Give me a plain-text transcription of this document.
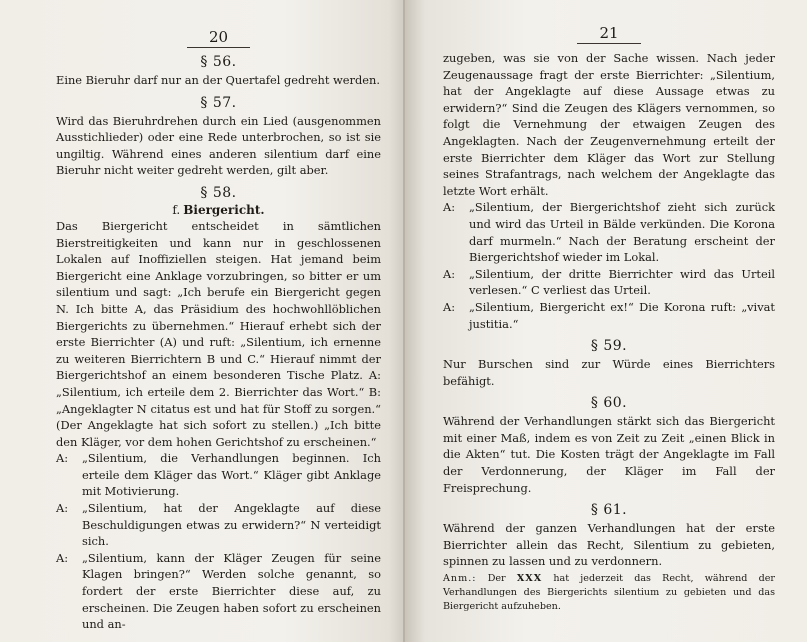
20
§ 56.

Eine Bieruhr darf nur an der Quertafel gedreht werden.

§ 57.

Wird das Bieruhrdrehen durch ein Lied (ausgenommen Ausstichlieder) oder eine Rede unterbrochen, so ist sie ungiltig. Während eines anderen silentium darf eine Bieruhr nicht weiter gedreht werden, gilt aber.

§ 58.
f. Biergericht.

Das Biergericht entscheidet in sämtlichen Bierstreitigkeiten und kann nur in geschlossenen Lokalen auf Inoffiziellen steigen. Hat jemand beim Biergericht eine Anklage vorzubringen, so bitter er um silentium und sagt: „Ich berufe ein Biergericht gegen N. Ich bitte A, das Präsidium des hochwohllöblichen Biergerichts zu übernehmen.“ Hierauf erhebt sich der erste Bierrichter (A) und ruft: „Silentium, ich ernenne zu weiteren Bierrichtern B und C.“ Hierauf nimmt der Biergerichtshof an einem besonderen Tische Platz. A: „Silentium, ich erteile dem 2. Bierrichter das Wort.“ B: „Angeklagter N citatus est und hat für Stoff zu sorgen.“ (Der Angeklagte hat sich sofort zu stellen.) „Ich bitte den Kläger, vor dem hohen Gerichtshof zu erscheinen.“

A:	„Silentium, die Verhandlungen beginnen. Ich erteile dem Kläger das Wort.“ Kläger gibt Anklage mit Motivierung.
A:	„Silentium, hat der Angeklagte auf diese Beschuldigungen etwas zu erwidern?“ N verteidigt sich.
A:	„Silentium, kann der Kläger Zeugen für seine Klagen bringen?“ Werden solche genannt, so fordert der erste Bierrichter diese auf, zu erscheinen. Die Zeugen haben sofort zu erscheinen und an-
21

zugeben, was sie von der Sache wissen. Nach jeder Zeugenaussage fragt der erste Bierrichter: „Silentium, hat der Angeklagte auf diese Aussage etwas zu erwidern?“ Sind die Zeugen des Klägers vernommen, so folgt die Vernehmung der etwaigen Zeugen des Angeklagten. Nach der Zeugenvernehmung erteilt der erste Bierrichter dem Kläger das Wort zur Stellung seines Strafantrags, nach welchem der Angeklagte das letzte Wort erhält.

A:	„Silentium, der Biergerichtshof zieht sich zurück und wird das Urteil in Bälde verkünden. Die Korona darf murmeln.“ Nach der Beratung erscheint der Biergerichtshof wieder im Lokal.
A:	„Silentium, der dritte Bierrichter wird das Urteil verlesen.“ C verliest das Urteil.
A:	„Silentium, Biergericht ex!“ Die Korona ruft: „vivat justitia.“
§ 59.

Nur Burschen sind zur Würde eines Bierrichters befähigt.

§ 60.

Während der Verhandlungen stärkt sich das Biergericht mit einer Maß, indem es von Zeit zu Zeit „einen Blick in die Akten“ tut. Die Kosten trägt der Angeklagte im Fall der Verdonnerung, der Kläger im Fall der Freisprechung.

§ 61.

Während der ganzen Verhandlungen hat der erste Bierrichter allein das Recht, Silentium zu gebieten, spinnen zu lassen und zu verdonnern.

Anm.: Der XXX hat jederzeit das Recht, während der Verhandlungen des Biergerichts silentium zu gebieten und das Biergericht aufzuheben.
